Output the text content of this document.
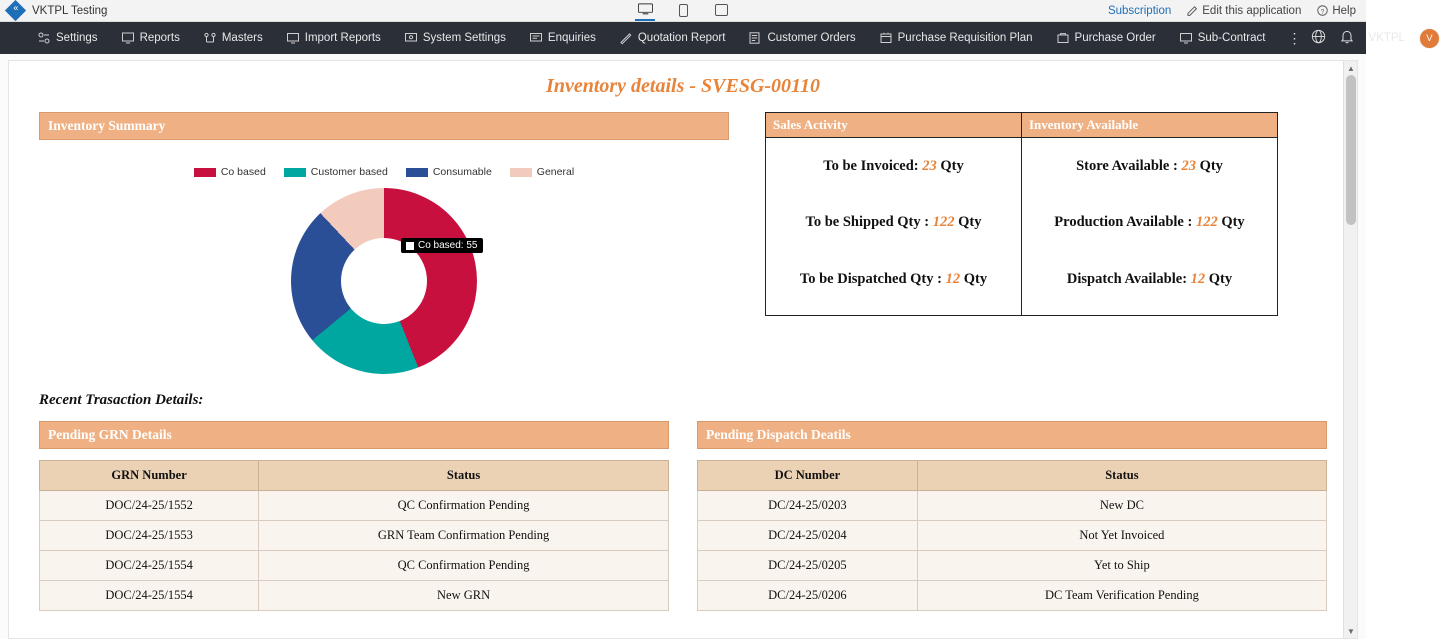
«
VKTPL Testing	Subscription	Edit this application	? Help
Settings	Reports	Masters	Import Reports	System Settings	Enquiries	Quotation Report	Customer Orders	Purchase Requisition Plan	Purchase Order	Sub-Contract	⋮	VKTPL	V
Inventory details - SVESG-00110
Inventory Summary
Co based	Customer based	Consumable	General
Co based: 55
Sales Activity
To be Invoiced: 23 Qty
To be Shipped Qty : 122 Qty
To be Dispatched Qty : 12 Qty
Inventory Available
Store Available : 23 Qty
Production Available : 122 Qty
Dispatch Available: 12 Qty
Recent Trasaction Details:
Pending GRN Details
GRN Number	Status
DOC/24-25/1552	QC Confirmation Pending
DOC/24-25/1553	GRN Team Confirmation Pending
DOC/24-25/1554	QC Confirmation Pending
DOC/24-25/1554	New GRN
Pending Dispatch Deatils
DC Number	Status
DC/24-25/0203	New DC
DC/24-25/0204	Not Yet Invoiced
DC/24-25/0205	Yet to Ship
DC/24-25/0206	DC Team Verification Pending
▲
▼
